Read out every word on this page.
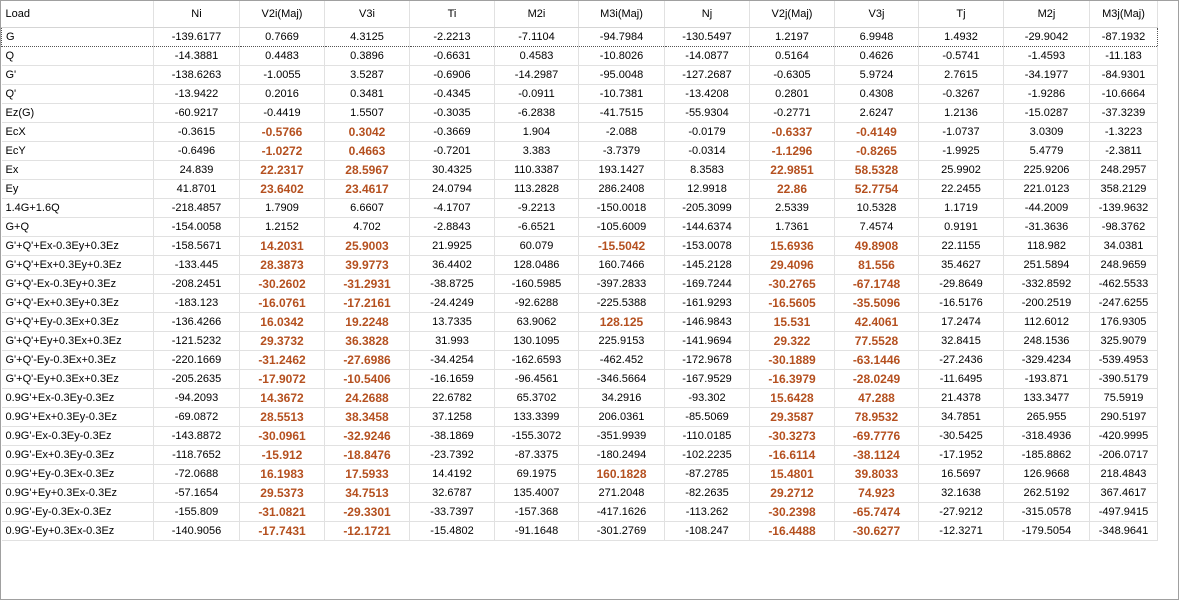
Load	Ni	V2i(Maj)	V3i	Ti	M2i	M3i(Maj)	Nj	V2j(Maj)	V3j	Tj	M2j	M3j(Maj)
G	-139.6177	0.7669	4.3125	-2.2213	-7.1104	-94.7984	-130.5497	1.2197	6.9948	1.4932	-29.9042	-87.1932
Q	-14.3881	0.4483	0.3896	-0.6631	0.4583	-10.8026	-14.0877	0.5164	0.4626	-0.5741	-1.4593	-11.183
G'	-138.6263	-1.0055	3.5287	-0.6906	-14.2987	-95.0048	-127.2687	-0.6305	5.9724	2.7615	-34.1977	-84.9301
Q'	-13.9422	0.2016	0.3481	-0.4345	-0.0911	-10.7381	-13.4208	0.2801	0.4308	-0.3267	-1.9286	-10.6664
Ez(G)	-60.9217	-0.4419	1.5507	-0.3035	-6.2838	-41.7515	-55.9304	-0.2771	2.6247	1.2136	-15.0287	-37.3239
EcX	-0.3615	-0.5766	0.3042	-0.3669	1.904	-2.088	-0.0179	-0.6337	-0.4149	-1.0737	3.0309	-1.3223
EcY	-0.6496	-1.0272	0.4663	-0.7201	3.383	-3.7379	-0.0314	-1.1296	-0.8265	-1.9925	5.4779	-2.3811
Ex	24.839	22.2317	28.5967	30.4325	110.3387	193.1427	8.3583	22.9851	58.5328	25.9902	225.9206	248.2957
Ey	41.8701	23.6402	23.4617	24.0794	113.2828	286.2408	12.9918	22.86	52.7754	22.2455	221.0123	358.2129
1.4G+1.6Q	-218.4857	1.7909	6.6607	-4.1707	-9.2213	-150.0018	-205.3099	2.5339	10.5328	1.1719	-44.2009	-139.9632
G+Q	-154.0058	1.2152	4.702	-2.8843	-6.6521	-105.6009	-144.6374	1.7361	7.4574	0.9191	-31.3636	-98.3762
G'+Q'+Ex-0.3Ey+0.3Ez	-158.5671	14.2031	25.9003	21.9925	60.079	-15.5042	-153.0078	15.6936	49.8908	22.1155	118.982	34.0381
G'+Q'+Ex+0.3Ey+0.3Ez	-133.445	28.3873	39.9773	36.4402	128.0486	160.7466	-145.2128	29.4096	81.556	35.4627	251.5894	248.9659
G'+Q'-Ex-0.3Ey+0.3Ez	-208.2451	-30.2602	-31.2931	-38.8725	-160.5985	-397.2833	-169.7244	-30.2765	-67.1748	-29.8649	-332.8592	-462.5533
G'+Q'-Ex+0.3Ey+0.3Ez	-183.123	-16.0761	-17.2161	-24.4249	-92.6288	-225.5388	-161.9293	-16.5605	-35.5096	-16.5176	-200.2519	-247.6255
G'+Q'+Ey-0.3Ex+0.3Ez	-136.4266	16.0342	19.2248	13.7335	63.9062	128.125	-146.9843	15.531	42.4061	17.2474	112.6012	176.9305
G'+Q'+Ey+0.3Ex+0.3Ez	-121.5232	29.3732	36.3828	31.993	130.1095	225.9153	-141.9694	29.322	77.5528	32.8415	248.1536	325.9079
G'+Q'-Ey-0.3Ex+0.3Ez	-220.1669	-31.2462	-27.6986	-34.4254	-162.6593	-462.452	-172.9678	-30.1889	-63.1446	-27.2436	-329.4234	-539.4953
G'+Q'-Ey+0.3Ex+0.3Ez	-205.2635	-17.9072	-10.5406	-16.1659	-96.4561	-346.5664	-167.9529	-16.3979	-28.0249	-11.6495	-193.871	-390.5179
0.9G'+Ex-0.3Ey-0.3Ez	-94.2093	14.3672	24.2688	22.6782	65.3702	34.2916	-93.302	15.6428	47.288	21.4378	133.3477	75.5919
0.9G'+Ex+0.3Ey-0.3Ez	-69.0872	28.5513	38.3458	37.1258	133.3399	206.0361	-85.5069	29.3587	78.9532	34.7851	265.955	290.5197
0.9G'-Ex-0.3Ey-0.3Ez	-143.8872	-30.0961	-32.9246	-38.1869	-155.3072	-351.9939	-110.0185	-30.3273	-69.7776	-30.5425	-318.4936	-420.9995
0.9G'-Ex+0.3Ey-0.3Ez	-118.7652	-15.912	-18.8476	-23.7392	-87.3375	-180.2494	-102.2235	-16.6114	-38.1124	-17.1952	-185.8862	-206.0717
0.9G'+Ey-0.3Ex-0.3Ez	-72.0688	16.1983	17.5933	14.4192	69.1975	160.1828	-87.2785	15.4801	39.8033	16.5697	126.9668	218.4843
0.9G'+Ey+0.3Ex-0.3Ez	-57.1654	29.5373	34.7513	32.6787	135.4007	271.2048	-82.2635	29.2712	74.923	32.1638	262.5192	367.4617
0.9G'-Ey-0.3Ex-0.3Ez	-155.809	-31.0821	-29.3301	-33.7397	-157.368	-417.1626	-113.262	-30.2398	-65.7474	-27.9212	-315.0578	-497.9415
0.9G'-Ey+0.3Ex-0.3Ez	-140.9056	-17.7431	-12.1721	-15.4802	-91.1648	-301.2769	-108.247	-16.4488	-30.6277	-12.3271	-179.5054	-348.9641
